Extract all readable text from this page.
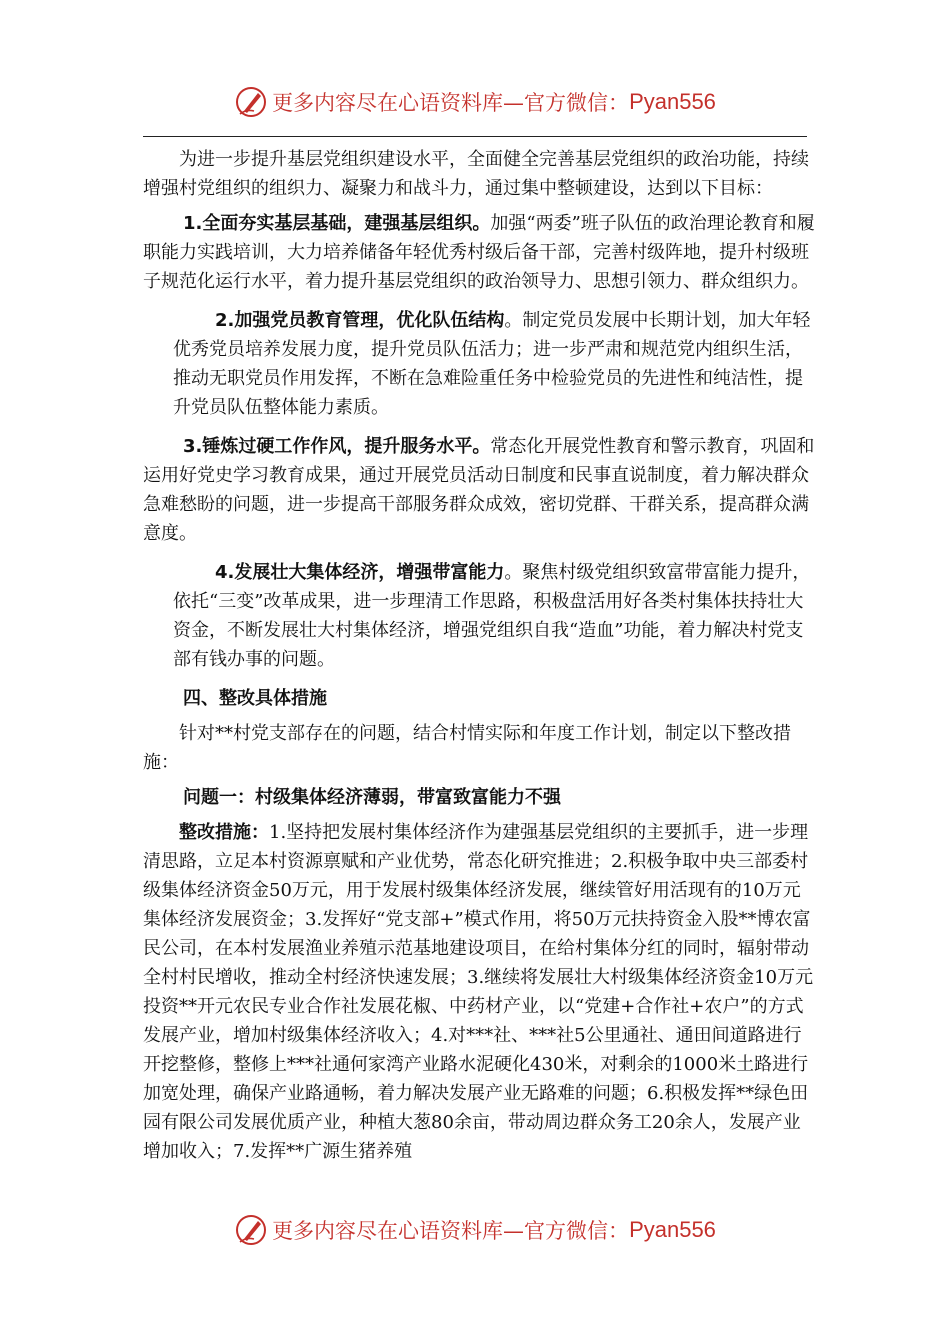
更多内容尽在心语资料库—官方微信： Pyan556

为进一步提升基层党组织建设水平，全面健全完善基层党组织的政治功能，持续增强村党组织的组织力、凝聚力和战斗力，通过集中整顿建设，达到以下目标：

1.全面夯实基层基础，建强基层组织。加强“两委”班子队伍的政治理论教育和履职能力实践培训，大力培养储备年轻优秀村级后备干部，完善村级阵地，提升村级班子规范化运行水平，着力提升基层党组织的政治领导力、思想引领力、群众组织力。

2.加强党员教育管理，优化队伍结构。制定党员发展中长期计划，加大年轻优秀党员培养发展力度，提升党员队伍活力；进一步严肃和规范党内组织生活，推动无职党员作用发挥，不断在急难险重任务中检验党员的先进性和纯洁性，提升党员队伍整体能力素质。

3.锤炼过硬工作作风，提升服务水平。常态化开展党性教育和警示教育，巩固和运用好党史学习教育成果，通过开展党员活动日制度和民事直说制度，着力解决群众急难愁盼的问题，进一步提高干部服务群众成效，密切党群、干群关系，提高群众满意度。

4.发展壮大集体经济，增强带富能力。聚焦村级党组织致富带富能力提升，依托“三变”改革成果，进一步理清工作思路，积极盘活用好各类村集体扶持壮大资金，不断发展壮大村集体经济，增强党组织自我“造血”功能，着力解决村党支部有钱办事的问题。

四、整改具体措施

针对**村党支部存在的问题，结合村情实际和年度工作计划，制定以下整改措施：

问题一：村级集体经济薄弱，带富致富能力不强

整改措施：1.坚持把发展村集体经济作为建强基层党组织的主要抓手，进一步理清思路，立足本村资源禀赋和产业优势，常态化研究推进；2.积极争取中央三部委村级集体经济资金50万元，用于发展村级集体经济发展，继续管好用活现有的10万元集体经济发展资金；3.发挥好“党支部+”模式作用，将50万元扶持资金入股**博农富民公司，在本村发展渔业养殖示范基地建设项目，在给村集体分红的同时，辐射带动全村村民增收，推动全村经济快速发展；3.继续将发展壮大村级集体经济资金10万元投资**开元农民专业合作社发展花椒、中药材产业，以“党建+合作社+农户”的方式发展产业，增加村级集体经济收入；4.对***社、***社5公里通社、通田间道路进行开挖整修，整修上***社通何家湾产业路水泥硬化430米，对剩余的1000米土路进行加宽处理，确保产业路通畅，着力解决发展产业无路难的问题；6.积极发挥**绿色田园有限公司发展优质产业，种植大葱80余亩，带动周边群众务工20余人，发展产业增加收入；7.发挥**广源生猪养殖

更多内容尽在心语资料库—官方微信： Pyan556
